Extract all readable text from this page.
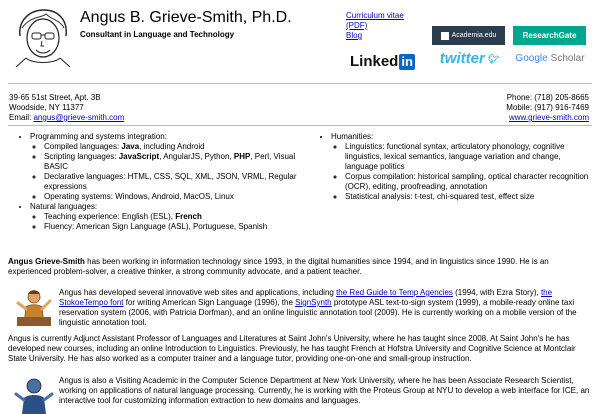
Angus B. Grieve-Smith, Ph.D.
Consultant in Language and Technology
Curriculum vitae
(PDF)
Blog	Academia.edu	ResearchGate
Linked in twitter 🐦︎ Google Scholar
39-65 51st Street, Apt. 3B
Woodside, NY 11377
Email: angus@grieve-smith.com
Phone: (718) 205-8665
Mobile: (917) 916-7469
www.grieve-smith.com
• Programming and systems integration:
◦ Compiled languages: Java, including Android
◦ Scripting languages: JavaScript, AngularJS, Python, PHP, Perl, Visual BASIC
◦ Declarative languages: HTML, CSS, SQL, XML, JSON, VRML, Regular expressions
◦ Operating systems: Windows, Android, MacOS, Linux
• Natural languages:
◦ Teaching experience: English (ESL), French
◦ Fluency: American Sign Language (ASL), Portuguese, Spanish
• Humanities:
◦ Linguistics: functional syntax, articulatory phonology, cognitive linguistics, lexical semantics, language variation and change, language politics
◦ Corpus compilation: historical sampling, optical character recognition (OCR), editing, proofreading, annotation
◦ Statistical analysis: t-test, chi-squared test, effect size
Angus Grieve-Smith has been working in information technology since 1993, in the digital humanities since 1994, and in linguistics since 1990. He is an experienced problem-solver, a creative thinker, a strong community advocate, and a patient teacher.
Angus has developed several innovative web sites and applications, including the Red Guide to Temp Agencies (1994, with Ezra Story), the StokoeTempo font for writing American Sign Language (1996), the SignSynth prototype ASL text-to-sign system (1999), a mobile-ready online taxi reservation system (2006, with Patricia Dorfman), and an online linguistic annotation tool (2009). He is currently working on a mobile version of the linguistic annotation tool.
Angus is currently Adjunct Assistant Professor of Languages and Literatures at Saint John's University, where he has taught since 2008. At Saint John's he has developed new courses, including an online Introduction to Linguistics. Previously, he has taught French at Hofstra University and Cognitive Science at Montclair State University. He has also worked as a computer trainer and a language tutor, providing one-on-one and small-group instruction.
Angus is also a Visiting Academic in the Computer Science Department at New York University, where he has been Associate Research Scientist, working on applications of natural language processing. Currently, he is working with the Proteus Group at NYU to develop a web interface for ICE, an interactive tool for customizing information extraction to new domains and languages.
